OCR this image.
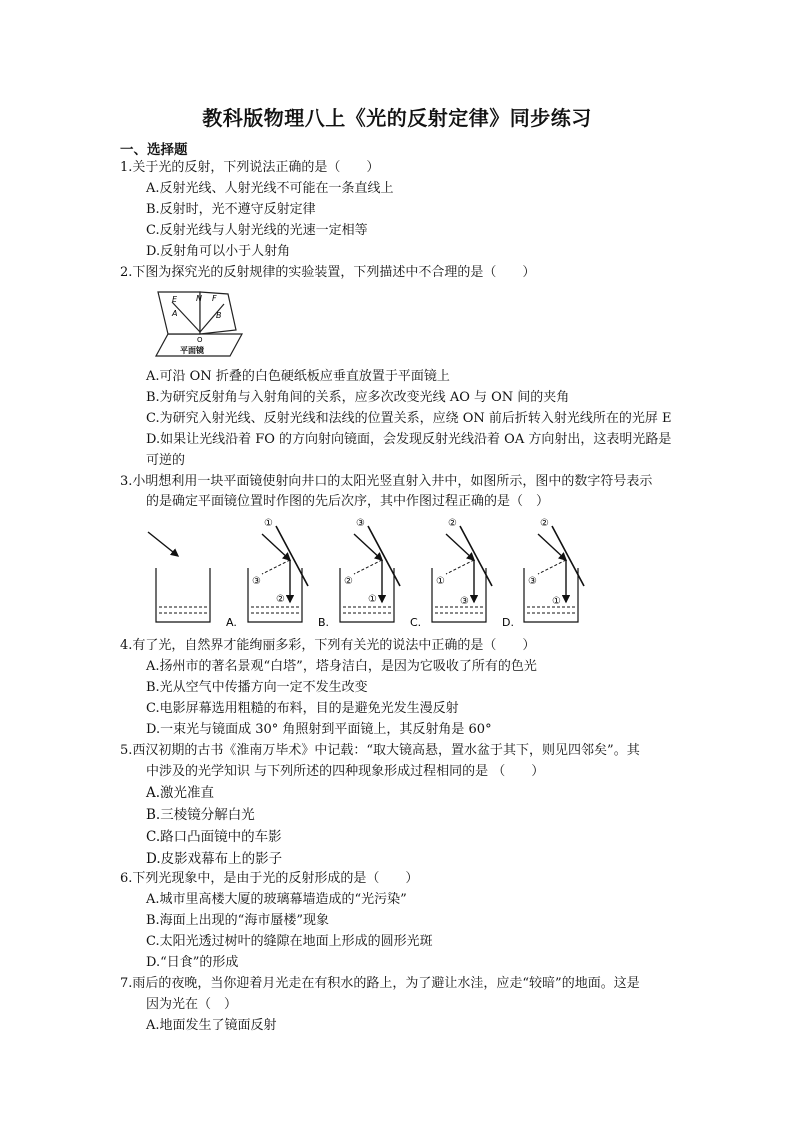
教科版物理八上《光的反射定律》同步练习
一、选择题
1.关于光的反射，下列说法正确的是（　　）
A.反射光线、人射光线不可能在一条直线上
B.反射时，光不遵守反射定律
C.反射光线与人射光线的光速一定相等
D.反射角可以小于人射角
2.下图为探究光的反射规律的实验装置，下列描述中不合理的是（　　）
E N F
A	B
O
平面镜
A.可沿 ON 折叠的白色硬纸板应垂直放置于平面镜上
B.为研究反射角与入射角间的关系，应多次改变光线 AO 与 ON 间的夹角
C.为研究入射光线、反射光线和法线的位置关系，应绕 ON 前后折转入射光线所在的光屏 E
D.如果让光线沿着 FO 的方向射向镜面，会发现反射光线沿着 OA 方向射出，这表明光路是
可逆的
3.小明想利用一块平面镜使射向井口的太阳光竖直射入井中，如图所示，图中的数字符号表示
的是确定平面镜位置时作图的先后次序，其中作图过程正确的是（　）
A.
①
②
③
B.
③
①
②
C.
②
①
③
D.
②
③
①
4.有了光，自然界才能绚丽多彩，下列有关光的说法中正确的是（　　）
A.扬州市的著名景观“白塔”，塔身洁白，是因为它吸收了所有的色光
B.光从空气中传播方向一定不发生改变
C.电影屏幕选用粗糙的布料，目的是避免光发生漫反射
D.一束光与镜面成 30° 角照射到平面镜上，其反射角是 60°
5.西汉初期的古书《淮南万毕术》中记载：“取大镜高悬，置水盆于其下，则见四邻矣”。其
中涉及的光学知识 与下列所述的四种现象形成过程相同的是 （　　）
A.激光准直
B.三棱镜分解白光
C.路口凸面镜中的车影
D.皮影戏幕布上的影子
6.下列光现象中，是由于光的反射形成的是（　　）
A.城市里高楼大厦的玻璃幕墙造成的“光污染”
B.海面上出现的“海市蜃楼”现象
C.太阳光透过树叶的缝隙在地面上形成的圆形光斑
D.“日食”的形成
7.雨后的夜晚，当你迎着月光走在有积水的路上，为了避让水洼，应走“较暗”的地面。这是
因为光在（　）
A.地面发生了镜面反射
